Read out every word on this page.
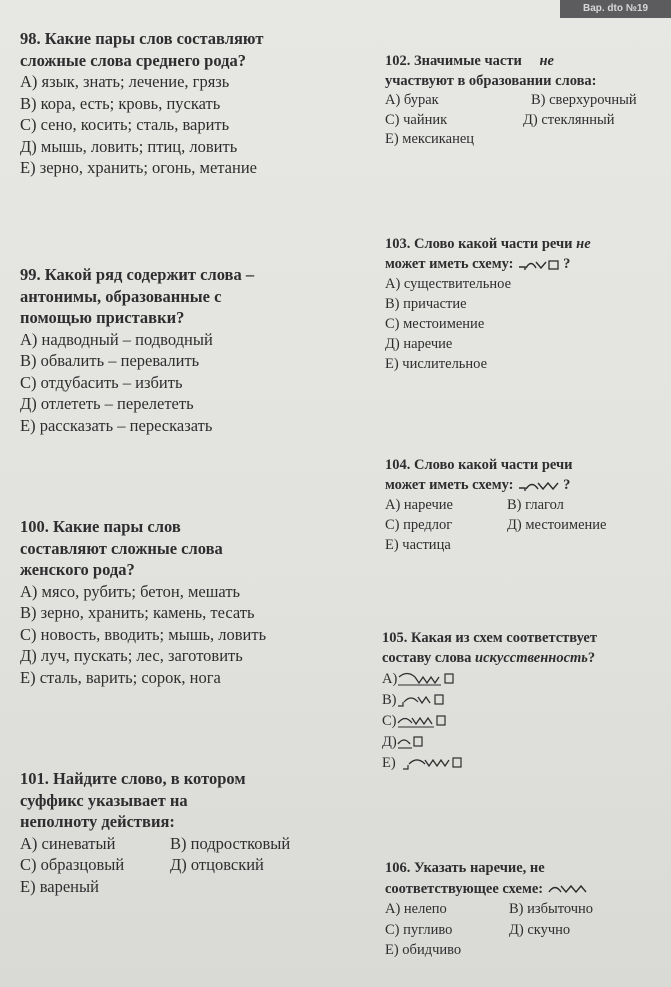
Вар. dto №19
98. Какие пары слов составляют
сложные слова среднего рода?
А) язык, знать; лечение, грязь
В) кора, есть; кровь, пускать
С) сено, косить; сталь, варить
Д) мышь, ловить; птиц, ловить
Е) зерно, хранить; огонь, метание
99. Какой ряд содержит слова –
антонимы, образованные с
помощью приставки?
А) надводный – подводный
В) обвалить – перевалить
С) отдубасить – избить
Д) отлететь – перелететь
Е) рассказать – пересказать
100. Какие пары слов
составляют сложные слова
женского рода?
А) мясо, рубить; бетон, мешать
В) зерно, хранить; камень, тесать
С) новость, вводить; мышь, ловить
Д) луч, пускать; лес, заготовить
Е) сталь, варить; сорок, нога
101. Найдите слово, в котором
суффикс указывает на
неполноту действия:
А) синеватый	В) подростковый
С) образцовый	Д) отцовский
Е) вареный
102. Значимые части не
участвуют в образовании слова:
А) бурак	В) сверхурочный
С) чайник	Д) стеклянный
Е) мексиканец
103. Слово какой части речи не
может иметь схему:	?
А) существительное
В) причастие
С) местоимение
Д) наречие
Е) числительное
104. Слово какой части речи
может иметь схему:	?
А) наречие	В) глагол
С) предлог	Д) местоимение
Е) частица
105. Какая из схем соответствует
составу слова искусственность?
А)
В)
С)
Д)
Е)
106. Указать наречие, не
соответствующее схеме:
А) нелепо	В) избыточно
С) пугливо	Д) скучно
Е) обидчиво
